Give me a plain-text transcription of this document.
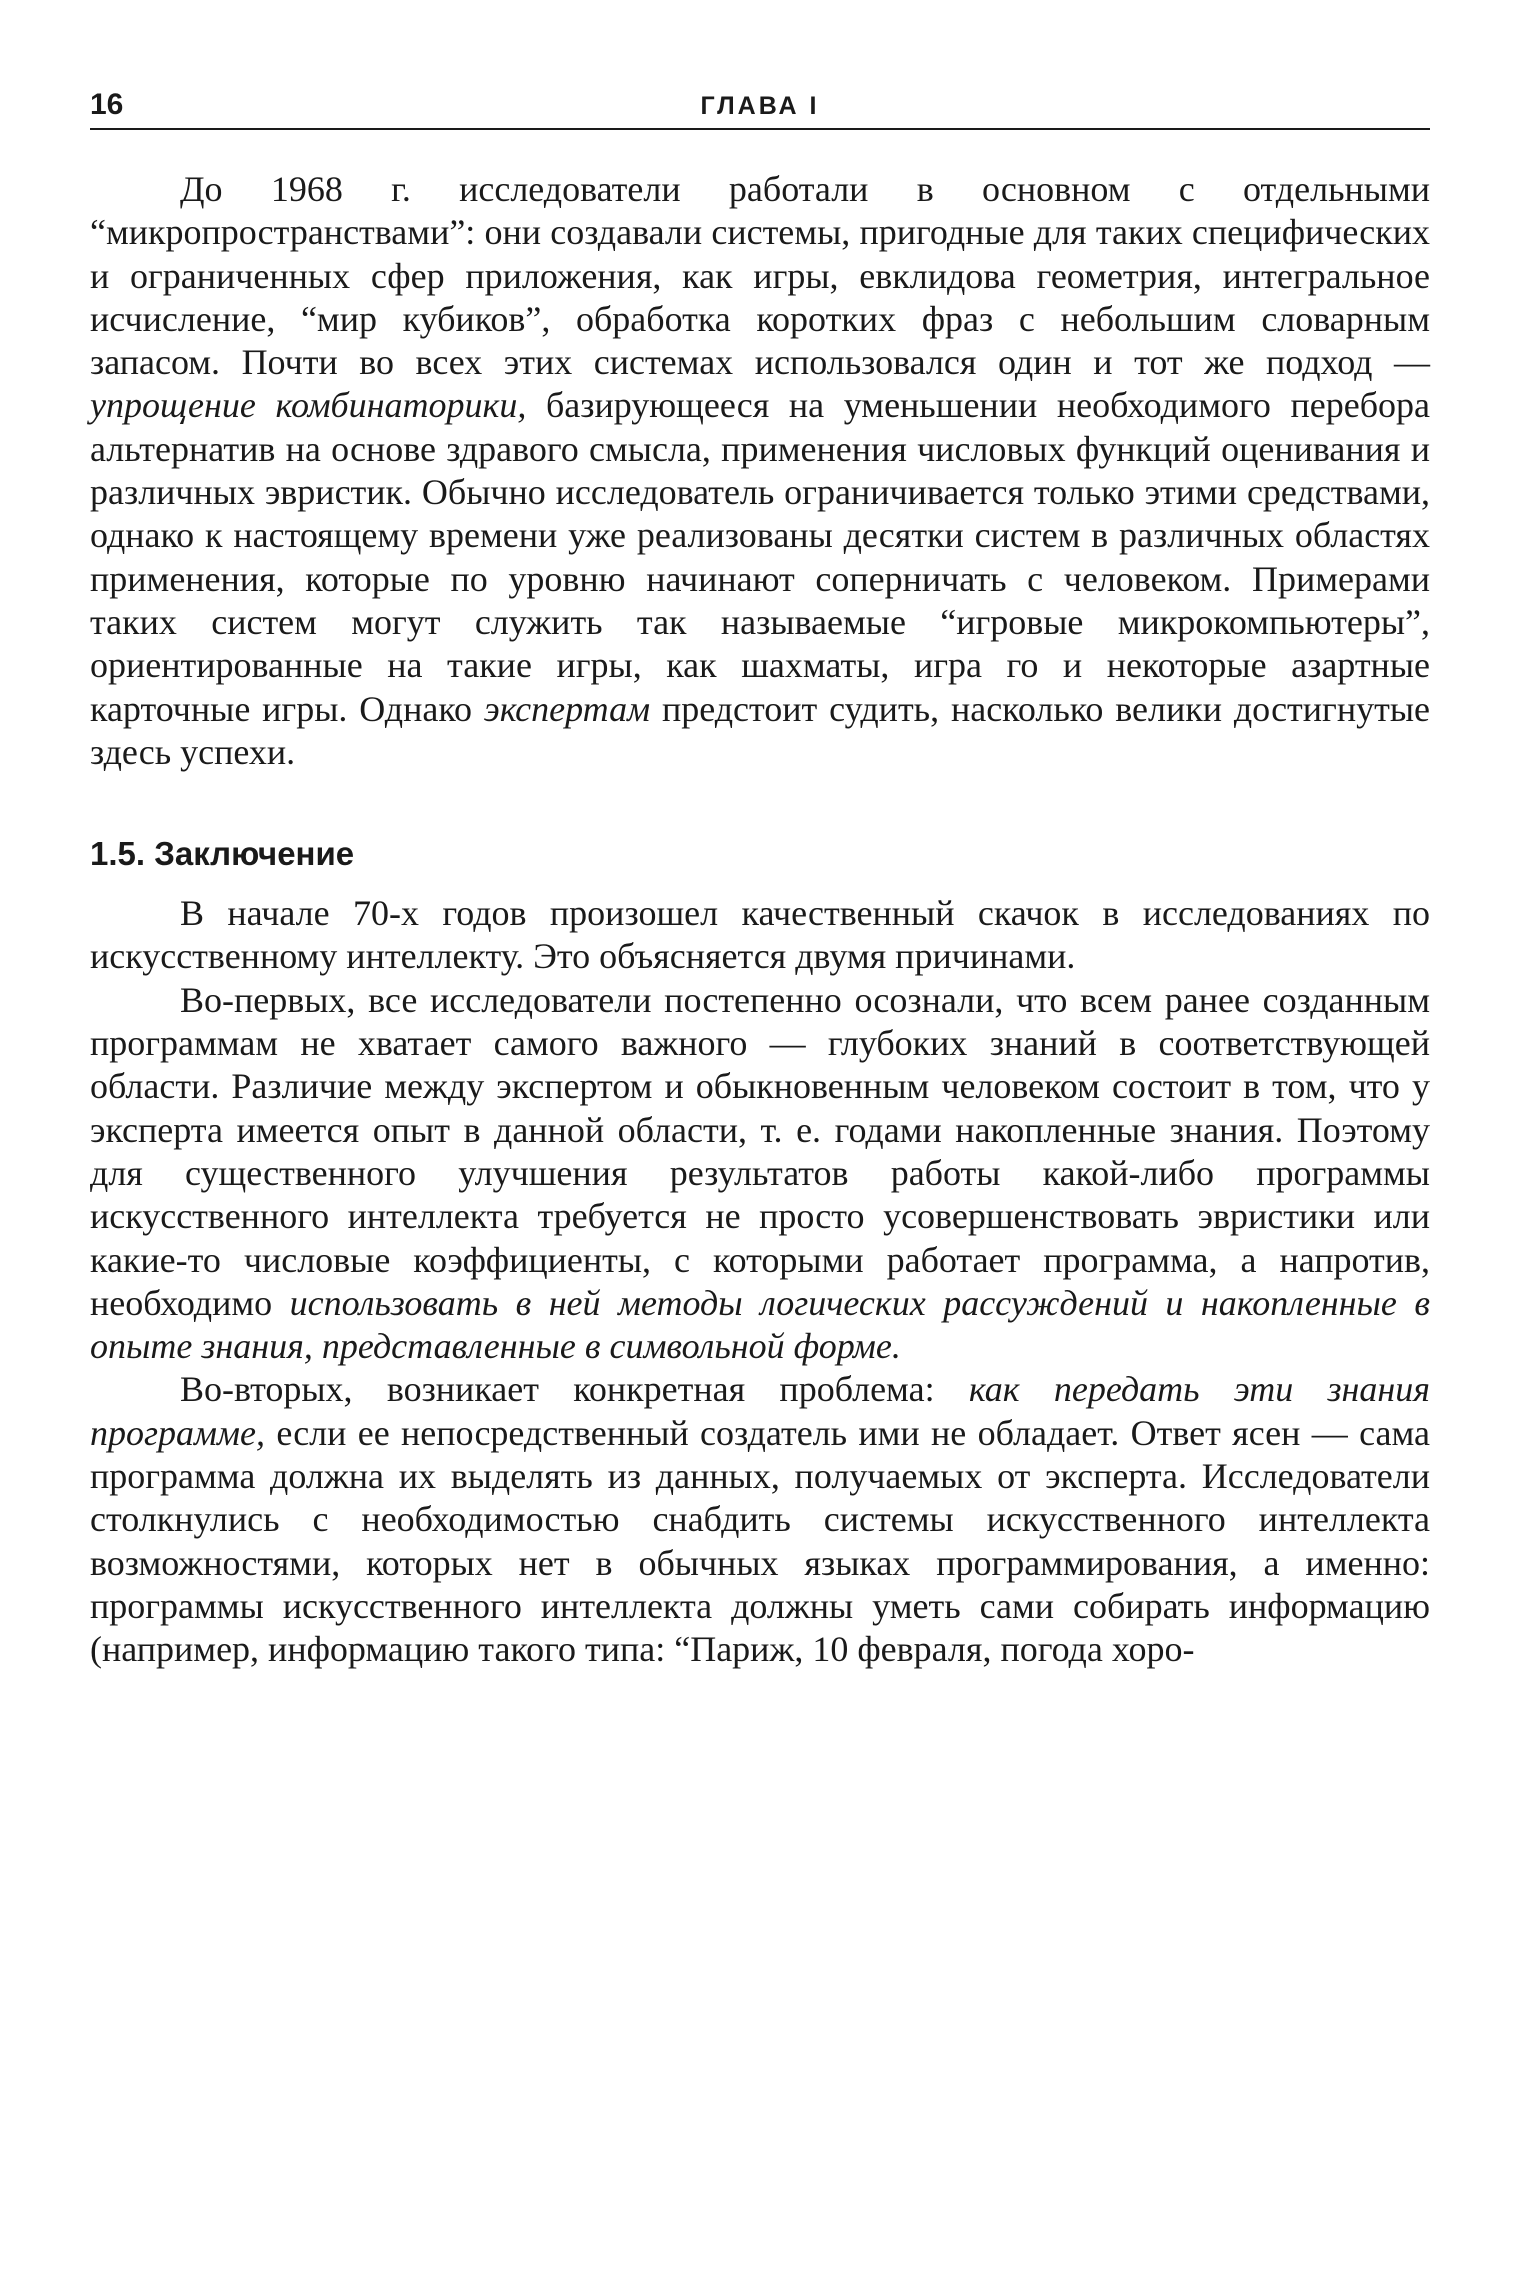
16	ГЛАВА I

До 1968 г. исследователи работали в основном с отдельными “микропространствами”: они создавали системы, пригодные для таких специфических и ограниченных сфер приложения, как игры, евклидова геометрия, интегральное исчисление, “мир кубиков”, обработка коротких фраз с небольшим словарным запасом. Почти во всех этих системах использовался один и тот же подход — упрощение комбинаторики, базирующееся на уменьшении необходимого перебора альтернатив на основе здравого смысла, применения числовых функций оценивания и различных эвристик. Обычно исследователь ограничивается только этими средствами, однако к настоящему времени уже реализованы десятки систем в различных областях применения, которые по уровню начинают соперничать с человеком. Примерами таких систем могут служить так называемые “игровые микрокомпьютеры”, ориентированные на такие игры, как шахматы, игра го и некоторые азартные карточные игры. Однако экспертам предстоит судить, насколько велики достигнутые здесь успехи.

1.5. Заключение

В начале 70-х годов произошел качественный скачок в исследованиях по искусственному интеллекту. Это объясняется двумя причинами.

Во-первых, все исследователи постепенно осознали, что всем ранее созданным программам не хватает самого важного — глубоких знаний в соответствующей области. Различие между экспертом и обыкновенным человеком состоит в том, что у эксперта имеется опыт в данной области, т. е. годами накопленные знания. Поэтому для существенного улучшения результатов работы какой-либо программы искусственного интеллекта требуется не просто усовершенствовать эвристики или какие-то числовые коэффициенты, с которыми работает программа, а напротив, необходимо использовать в ней методы логических рассуждений и накопленные в опыте знания, представленные в символьной форме.

Во-вторых, возникает конкретная проблема: как передать эти знания программе, если ее непосредственный создатель ими не обладает. Ответ ясен — сама программа должна их выделять из данных, получаемых от эксперта. Исследователи столкнулись с необходимостью снабдить системы искусственного интеллекта возможностями, которых нет в обычных языках программирования, а именно: программы искусственного интеллекта должны уметь сами собирать информацию (например, информацию такого типа: “Париж, 10 февраля, погода хоро-
